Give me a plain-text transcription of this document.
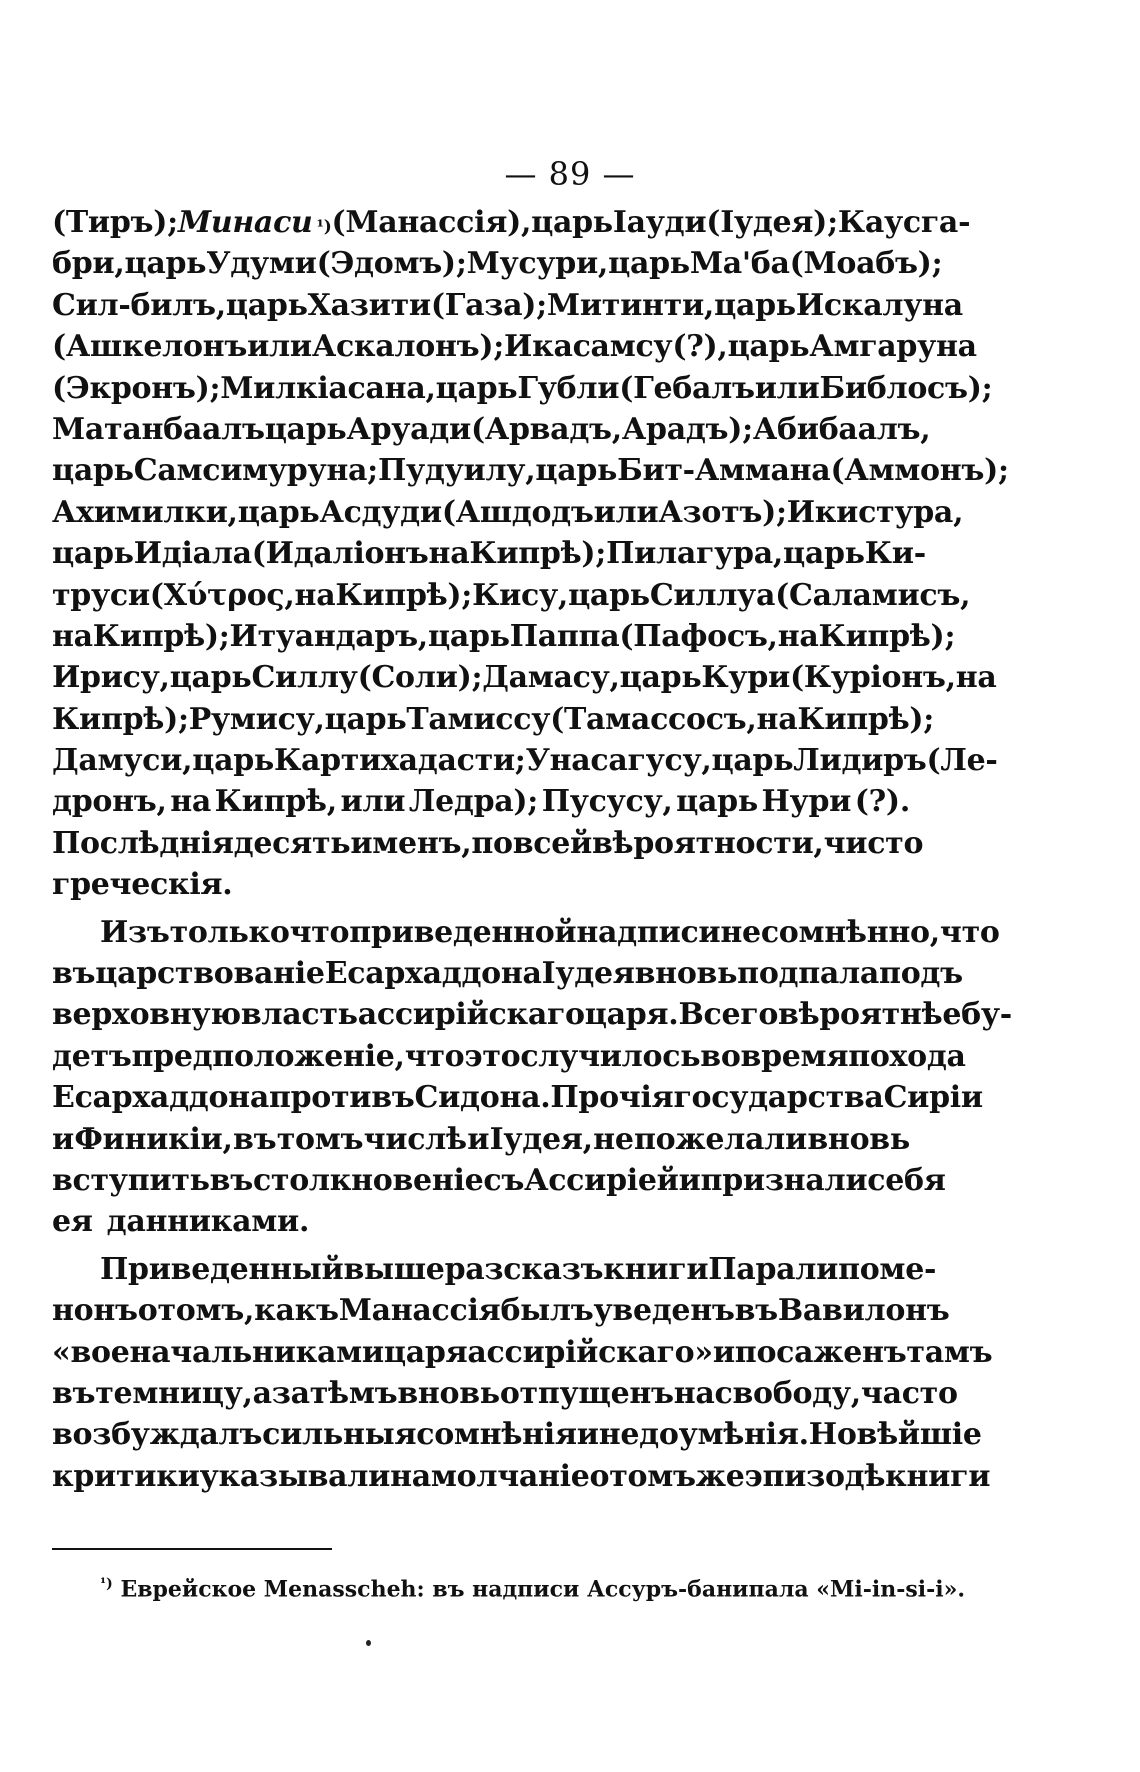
— 89 —
(Тиръ); Минаси ¹) (Манассія), царь Іауди (Іудея); Каусга-
бри, царь Удуми (Эдомъ); Мусури, царь Ма'ба (Моабъ);
Сил-билъ, царь Хазити (Газа); Митинти, царь Искалуна
(Ашкелонъ или Аскалонъ); Икасамсу (?), царь Амгаруна
(Экронъ); Милкіасана, царь Губли (Гебалъ или Библосъ);
Матанбаалъ царь Аруади (Арвадъ, Арадъ); Абибаалъ,
царь Самсимуруна; Пудуилу, царь Бит-Аммана (Аммонъ);
Ахимилки, царь Асдуди (Ашдодъ или Азотъ); Икистура,
царь Идіала (Идаліонъ на Кипрѣ); Пилагура, царь Ки-
труси (Χύτρος, на Кипрѣ); Кису, царь Силлуа (Саламисъ,
на Кипрѣ); Итуандаръ, царь Паппа (Пафосъ, на Кипрѣ);
Ирису, царь Силлу (Соли); Дамасу, царь Кури (Куріонъ, на
Кипрѣ); Румису, царь Тамиссу (Тамассосъ, на Кипрѣ);
Дамуси, царь Картихадасти; Унасагусу, царь Лидиръ (Ле-
дронъ, на Кипрѣ, или Ледра); Пусусу, царь Нури (?).
Послѣднія десять именъ, по всей вѣроятности, чисто
греческія.
Изъ только что приведенной надписи несомнѣнно, что
въ царствованіе Есархаддона Іудея вновь подпала подъ
верховную власть ассирійскаго царя. Всего вѣроятнѣе бу-
детъ предположеніе, что это случилось во время похода
Есархаддона противъ Сидона. Прочія государства Сиріи
и Финикіи, въ томъ числѣ и Іудея, не пожелали вновь
вступить въ столкновеніе съ Ассиріей и признали себя
ея данниками.
Приведенный выше разсказъ книги Паралипоме-
нонъ о томъ, какъ Манассія былъ уведенъ въ Вавилонъ
«военачальниками царя ассирійскаго» и посаженъ тамъ
въ темницу, а затѣмъ вновь отпущенъ на свободу, часто
возбуждалъ сильныя сомнѣнія и недоумѣнія. Новѣйшіе
критики указывали на молчаніе о томъ же эпизодѣ книги
$^{^1)}$ Еврейское Menasscheh: въ надписи Ассуръ-банипала «Mi-in-si-i».
